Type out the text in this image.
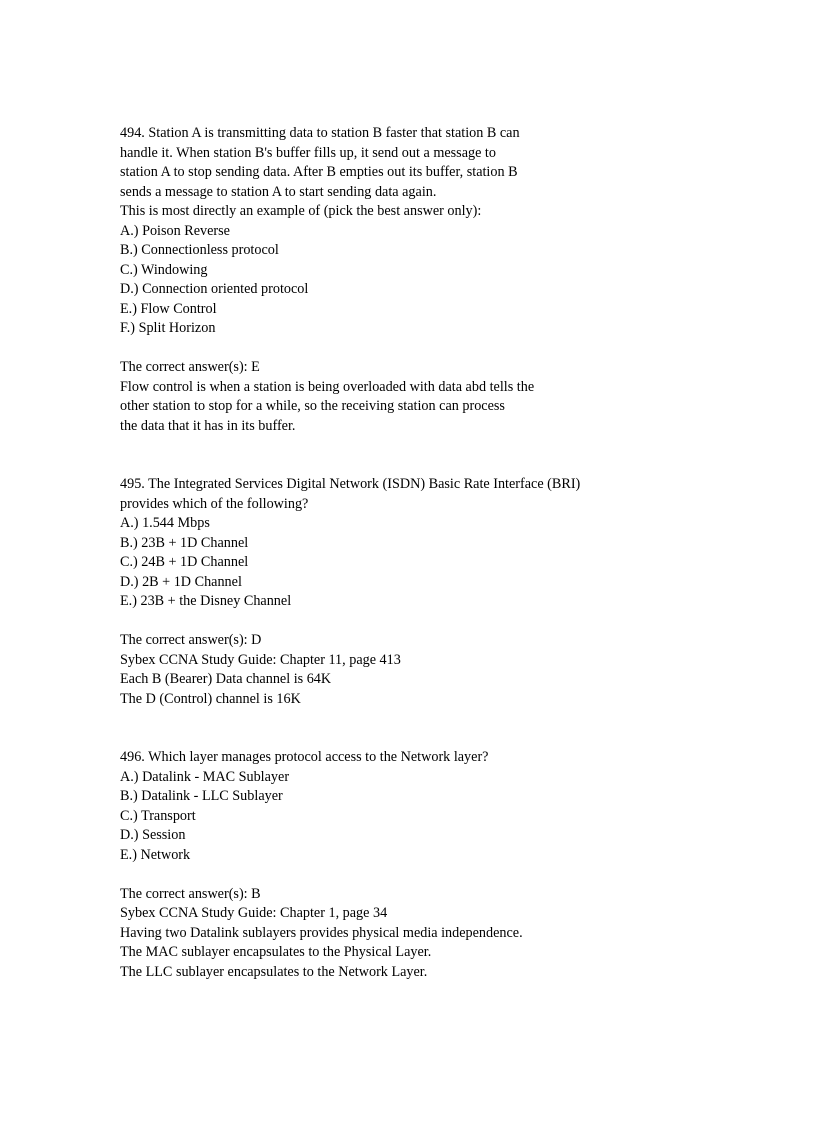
494. Station A is transmitting data to station B faster that station B can
handle it. When station B's buffer fills up, it send out a message to
station A to stop sending data. After B empties out its buffer, station B
sends a message to station A to start sending data again.
This is most directly an example of (pick the best answer only):
A.) Poison Reverse
B.) Connectionless protocol
C.) Windowing
D.) Connection oriented protocol
E.) Flow Control
F.) Split Horizon
The correct answer(s): E
Flow control is when a station is being overloaded with data abd tells the
other station to stop for a while, so the receiving station can process
the data that it has in its buffer.
495. The Integrated Services Digital Network (ISDN) Basic Rate Interface (BRI)
provides which of the following?
A.) 1.544 Mbps
B.) 23B + 1D Channel
C.) 24B + 1D Channel
D.) 2B + 1D Channel
E.) 23B + the Disney Channel
The correct answer(s): D
Sybex CCNA Study Guide: Chapter 11, page 413
Each B (Bearer) Data channel is 64K
The D (Control) channel is 16K
496. Which layer manages protocol access to the Network layer?
A.) Datalink - MAC Sublayer
B.) Datalink - LLC Sublayer
C.) Transport
D.) Session
E.) Network
The correct answer(s): B
Sybex CCNA Study Guide: Chapter 1, page 34
Having two Datalink sublayers provides physical media independence.
The MAC sublayer encapsulates to the Physical Layer.
The LLC sublayer encapsulates to the Network Layer.
